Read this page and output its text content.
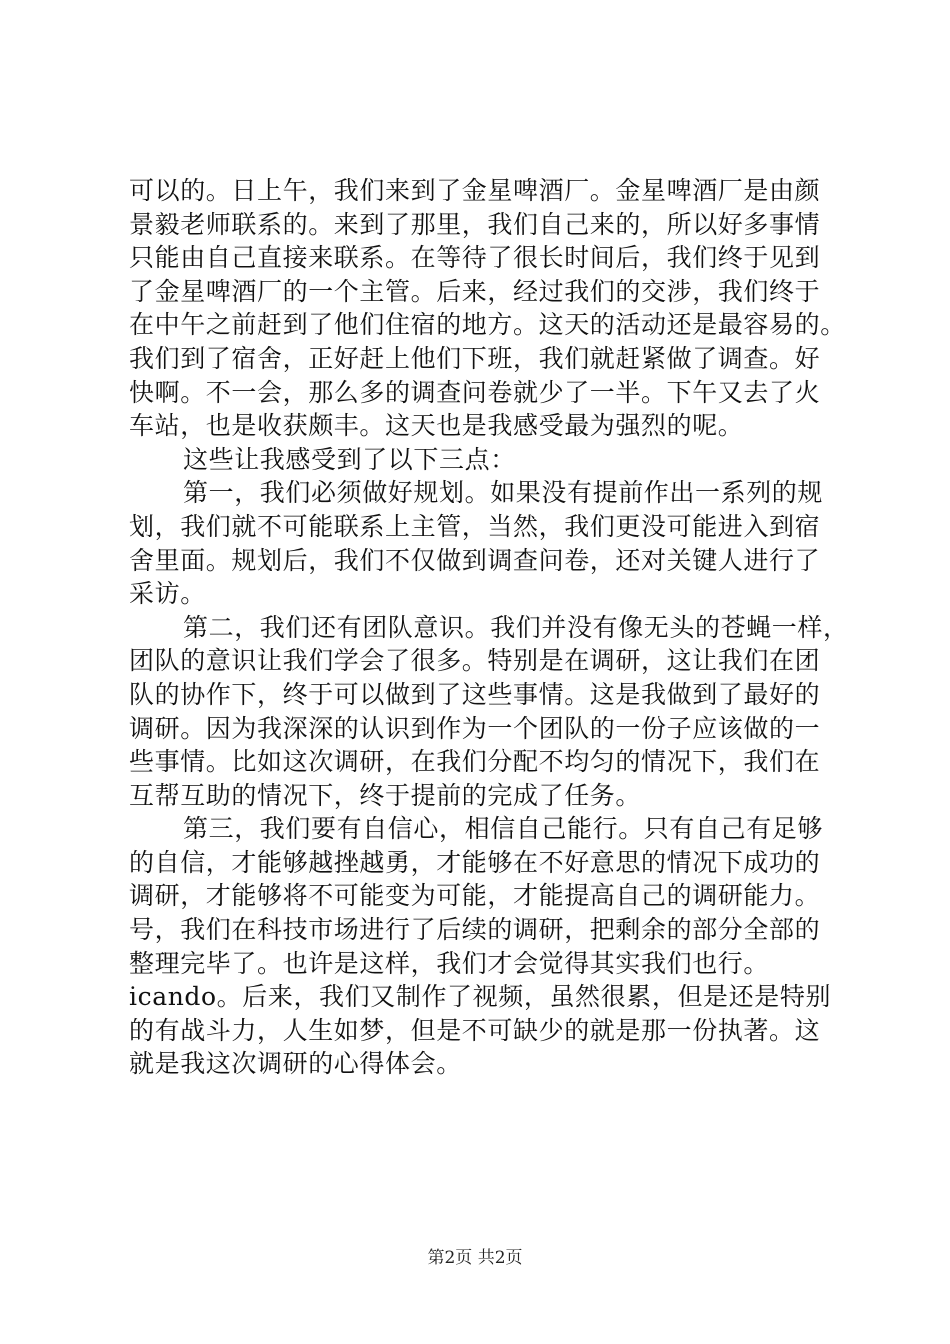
可以的。日上午，我们来到了金星啤酒厂。金星啤酒厂是由颜
景毅老师联系的。来到了那里，我们自己来的，所以好多事情
只能由自己直接来联系。在等待了很长时间后，我们终于见到
了金星啤酒厂的一个主管。后来，经过我们的交涉，我们终于
在中午之前赶到了他们住宿的地方。这天的活动还是最容易的。
我们到了宿舍，正好赶上他们下班，我们就赶紧做了调查。好
快啊。不一会，那么多的调查问卷就少了一半。下午又去了火
车站，也是收获颇丰。这天也是我感受最为强烈的呢。

这些让我感受到了以下三点：

第一，我们必须做好规划。如果没有提前作出一系列的规
划，我们就不可能联系上主管，当然，我们更没可能进入到宿
舍里面。规划后，我们不仅做到调查问卷，还对关键人进行了
采访。

第二，我们还有团队意识。我们并没有像无头的苍蝇一样，
团队的意识让我们学会了很多。特别是在调研，这让我们在团
队的协作下，终于可以做到了这些事情。这是我做到了最好的
调研。因为我深深的认识到作为一个团队的一份子应该做的一
些事情。比如这次调研，在我们分配不均匀的情况下，我们在
互帮互助的情况下，终于提前的完成了任务。

第三，我们要有自信心，相信自己能行。只有自己有足够
的自信，才能够越挫越勇，才能够在不好意思的情况下成功的
调研，才能够将不可能变为可能，才能提高自己的调研能力。
号，我们在科技市场进行了后续的调研，把剩余的部分全部的
整理完毕了。也许是这样，我们才会觉得其实我们也行。
icando。后来，我们又制作了视频，虽然很累，但是还是特别
的有战斗力，人生如梦，但是不可缺少的就是那一份执著。这
就是我这次调研的心得体会。

第2页 共2页
